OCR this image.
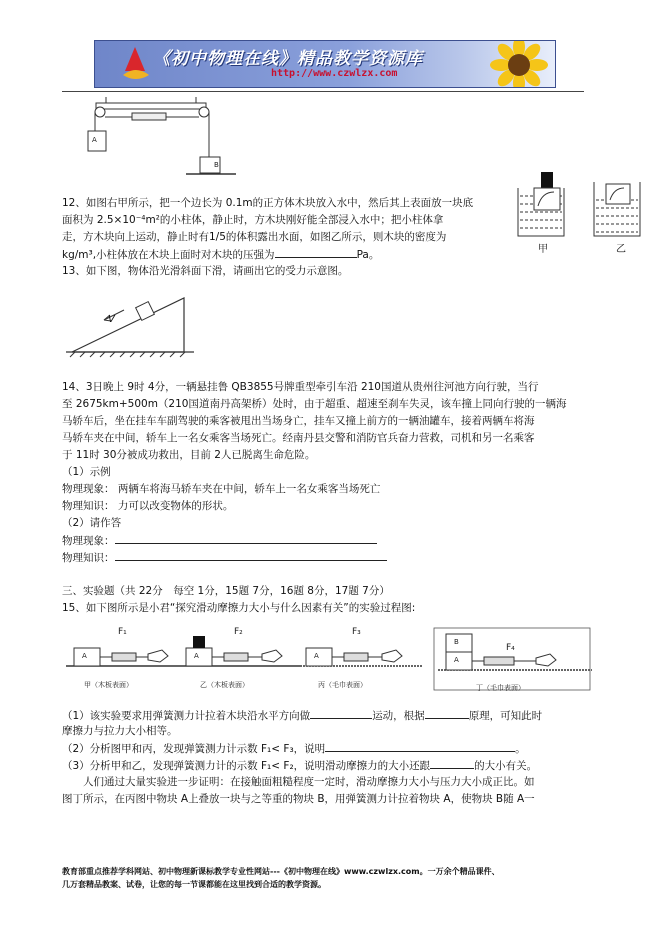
《初中物理在线》精品教学资源库
http://www.czwlzx.com
A
B
12、如图右甲所示，把一个边长为 0.1m的正方体木块放入水中，然后其上表面放一块底
面积为 2.5×10⁻⁴m²的小柱体，静止时，方木块刚好能全部浸入水中；把小柱体拿
走，方木块向上运动，静止时有1/5的体积露出水面，如图乙所示，则木块的密度为
kg/m³,小柱体放在木块上面时对木块的压强为	Pa。	甲	乙
13、如下图，物体沿光滑斜面下滑，请画出它的受力示意图。
V
14、3日晚上 9时 4分，一辆悬挂鲁 QB3855号牌重型牵引车沿 210国道从贵州往河池方向行驶，当行
至 2675km+500m（210国道南丹高架桥）处时，由于超重、超速至刹车失灵，该车撞上同向行驶的一辆海
马轿车后，坐在挂车车副驾驶的乘客被甩出当场身亡，挂车又撞上前方的一辆油罐车，接着两辆车将海
马轿车夹在中间，轿车上一名女乘客当场死亡。经南丹县交警和消防官兵奋力营救，司机和另一名乘客
于 11时 30分被成功救出，目前 2人已脱离生命危险。
（1）示例
物理现象： 两辆车将海马轿车夹在中间，轿车上一名女乘客当场死亡
物理知识： 力可以改变物体的形状。
（2）请作答
物理现象：
物理知识：
三、实验题（共 22分　每空 1分，15题 7分，16题 8分，17题 7分）
15、如下图所示是小君“探究滑动摩擦力大小与什么因素有关”的实验过程图:
F₁	F₂	F₃
F₄
A	A	A	A
B
甲（木板表面）	乙（木板表面）	丙（毛巾表面）	丁（毛巾表面）
（1）该实验要求用弹簧测力计拉着木块沿水平方向做	运动，根据	原理，可知此时
摩擦力与拉力大小相等。
（2）分析图甲和丙，发现弹簧测力计示数 F₁< F₃，说明	。
（3）分析甲和乙，发现弹簧测力计的示数 F₁< F₂，说明滑动摩擦力的大小还跟	的大小有关。
　　人们通过大量实验进一步证明：在接触面粗糙程度一定时，滑动摩擦力大小与压力大小成正比。如
图丁所示，在丙图中物块 A上叠放一块与之等重的物块 B，用弹簧测力计拉着物块 A，使物块 B随 A一
教育部重点推荐学科网站、初中物理新课标教学专业性网站---《初中物理在线》www.czwlzx.com。一万余个精品课件、
几万套精品教案、试卷，让您的每一节课都能在这里找到合适的教学资源。
